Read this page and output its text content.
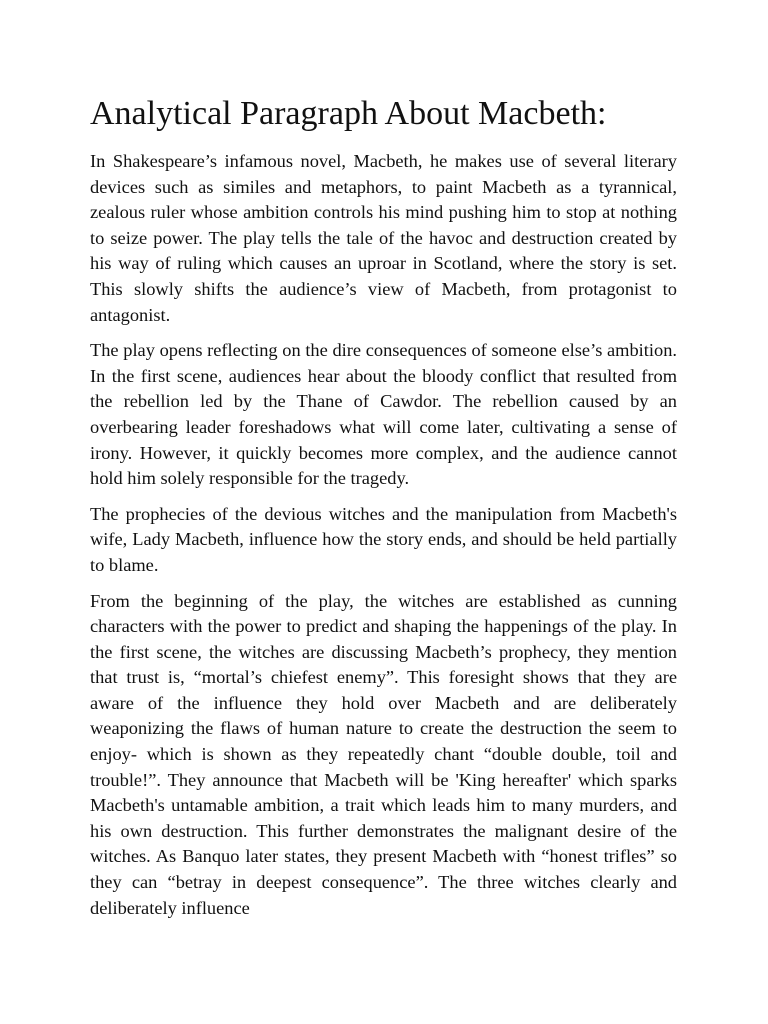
Analytical Paragraph About Macbeth:

In Shakespeare’s infamous novel, Macbeth, he makes use of several literary devices such as similes and metaphors, to paint Macbeth as a tyrannical, zealous ruler whose ambition controls his mind pushing him to stop at nothing to seize power. The play tells the tale of the havoc and destruction created by his way of ruling which causes an uproar in Scotland, where the story is set. This slowly shifts the audience’s view of Macbeth, from protagonist to antagonist.

The play opens reflecting on the dire consequences of someone else’s ambition. In the first scene, audiences hear about the bloody conflict that resulted from the rebellion led by the Thane of Cawdor. The rebellion caused by an overbearing leader foreshadows what will come later, cultivating a sense of irony. However, it quickly becomes more complex, and the audience cannot hold him solely responsible for the tragedy.

The prophecies of the devious witches and the manipulation from Macbeth's wife, Lady Macbeth, influence how the story ends, and should be held partially to blame.

From the beginning of the play, the witches are established as cunning characters with the power to predict and shaping the happenings of the play. In the first scene, the witches are discussing Macbeth’s prophecy, they mention that trust is, “mortal’s chiefest enemy”. This foresight shows that they are aware of the influence they hold over Macbeth and are deliberately weaponizing the flaws of human nature to create the destruction the seem to enjoy- which is shown as they repeatedly chant “double double, toil and trouble!”. They announce that Macbeth will be 'King hereafter' which sparks Macbeth's untamable ambition, a trait which leads him to many murders, and his own destruction. This further demonstrates the malignant desire of the witches. As Banquo later states, they present Macbeth with “honest trifles” so they can “betray in deepest consequence”. The three witches clearly and deliberately influence
